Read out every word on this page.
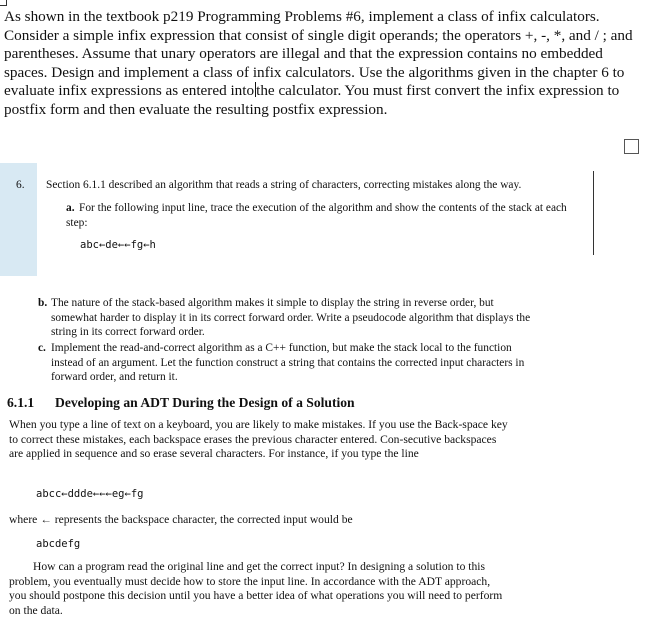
As shown in the textbook p219 Programming Problems #6, implement a class of infix calculators. Consider a simple infix expression that consist of single digit operands; the operators +, -, *, and / ; and parentheses. Assume that unary operators are illegal and that the expression contains no embedded spaces. Design and implement a class of infix calculators. Use the algorithms given in the chapter 6 to evaluate infix expressions as entered into the calculator. You must first convert the infix expression to postfix form and then evaluate the resulting postfix expression.
6. Section 6.1.1 described an algorithm that reads a string of characters, correcting mistakes along the way.
a. For the following input line, trace the execution of the algorithm and show the contents of the stack at each step:
abc←de←←fg←h
b. The nature of the stack-based algorithm makes it simple to display the string in reverse order, but
somewhat harder to display it in its correct forward order. Write a pseudocode algorithm that displays the string in its correct forward order.
c. Implement the read-and-correct algorithm as a C++ function, but make the stack local to the function
instead of an argument. Let the function construct a string that contains the corrected input characters in forward order, and return it.
6.1.1 Developing an ADT During the Design of a Solution
When you type a line of text on a keyboard, you are likely to make mistakes. If you use the Back-space key to correct these mistakes, each backspace erases the previous character entered. Con-secutive backspaces are applied in sequence and so erase several characters. For instance, if you type the line
abcc←ddde←←←eg←fg
where ← represents the backspace character, the corrected input would be
abcdefg
How can a program read the original line and get the correct input? In designing a solution to this problem, you eventually must decide how to store the input line. In accordance with the ADT approach, you should postpone this decision until you have a better idea of what operations you will need to perform on the data.
